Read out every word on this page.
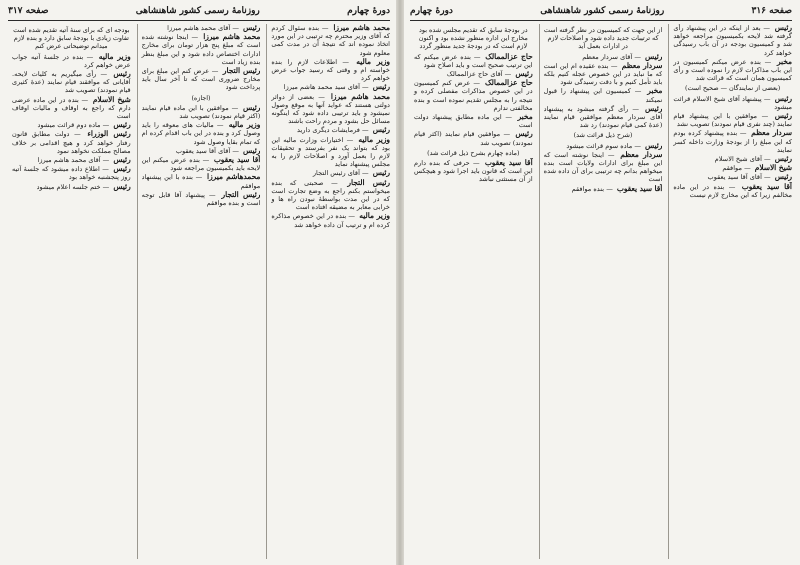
دورهٔ چهارم
روزنامهٔ رسمی کشور شاهنشاهی
صفحه ۳۱۷
محمد هاشم میرزا — بنده سئوال کردم که آقای وزیر محترم چه ترتیبی در این مورد اتخاذ نموده اند که نتیجهٔ آن در مدت کمی معلوم شود
وزیر مالیه — اطلاعات لازم را بنده خواسته ام و وقتی که رسید جواب عرض خواهم کرد
رئیس — آقای سید محمد هاشم میرزا
محمد هاشم میرزا — بعضی از دوائر دولتی هستند که عواید آنها به موقع وصول نمیشود و باید ترتیبی داده شود که اینگونه مسائل حل بشود و مردم راحت باشند
رئیس — فرمایشات دیگری دارید
وزیر مالیه — اختیارات وزارت مالیه این بود که بتواند یک نفر بفرستد و تحقیقات لازم را بعمل آورد و اصلاحات لازم را به مجلس پیشنهاد نماید
رئیس — آقای رئیس التجار
رئیس التجار — صحبتی که بنده میخواستم بکنم راجع به وضع تجارت است که در این مدت بواسطهٔ نبودن راه ها و خرابی معابر به مضیقه افتاده است
وزیر مالیه — بنده در این خصوص مذاکره کرده ام و ترتیب آن داده خواهد شد
رئیس — آقای محمد هاشم میرزا
محمد هاشم میرزا — اینجا نوشته شده است که مبلغ پنج هزار تومان برای مخارج ادارات اختصاص داده شود و این مبلغ بنظر بنده زیاد است
رئیس التجار — عرض کنم این مبلغ برای مخارج ضروری است که تا آخر سال باید پرداخت شود
(اجازه)
رئیس — موافقین با این ماده قیام نمایند (اکثر قیام نمودند) تصویب شد
وزیر مالیه — مالیات های معوقه را باید وصول کرد و بنده در این باب اقدام کرده ام که تمام بقایا وصول شود
رئیس — آقای آقا سید یعقوب
آقا سید یعقوب — بنده عرض میکنم این لایحه باید بکمیسیون مراجعه شود
محمدهاشم میرزا — بنده با این پیشنهاد موافقم
رئیس التجار — پیشنهاد آقا قابل توجه است و بنده موافقم
بودجه ای که برای سنهٔ آتیه تقدیم شده است تفاوت زیادی با بودجهٔ سابق دارد و بنده لازم میدانم توضیحاتی عرض کنم
وزیر مالیه — بنده در جلسهٔ آتیه جواب عرض خواهم کرد
رئیس — رأی میگیریم به کلیات لایحه. آقایانی که موافقند قیام نمایند (عدهٔ کثیری قیام نمودند) تصویب شد
شیخ الاسلام — بنده در این ماده عرضی دارم که راجع به اوقاف و مالیات اوقاف است
رئیس — ماده دوم قرائت میشود
رئیس الوزراء — دولت مطابق قانون رفتار خواهد کرد و هیچ اقدامی بر خلاف مصالح مملکت نخواهد نمود
رئیس — آقای محمد هاشم میرزا
رئیس — اطلاع داده میشود که جلسهٔ آتیه روز پنجشنبه خواهد بود
رئیس — ختم جلسه اعلام میشود
صفحه ۳۱۶
روزنامهٔ رسمی کشور شاهنشاهی
دورهٔ چهارم
رئیس — بعد از اینکه در این پیشنهاد رأی گرفته شد لایحه بکمیسیون مراجعه خواهد شد و کمیسیون بودجه در آن باب رسیدگی خواهد کرد
مخبر — بنده عرض میکنم کمیسیون در این باب مذاکرات لازم را نموده است و رأی کمیسیون همان است که قرائت شد
(بعضی از نمایندگان — صحیح است)
رئیس — پیشنهاد آقای شیخ الاسلام قرائت میشود
رئیس — موافقین با این پیشنهاد قیام نمایند (چند نفری قیام نمودند) تصویب نشد
سردار معظم — بنده پیشنهاد کرده بودم که این مبلغ را از بودجهٔ وزارت داخله کسر نمایند
رئیس — آقای شیخ الاسلام
شیخ الاسلام — موافقم
رئیس — آقای آقا سید یعقوب
آقا سید یعقوب — بنده در این ماده مخالفم زیرا که این مخارج لازم نیست
از این جهت که کمیسیون در نظر گرفته است که ترتیبات جدید داده شود و اصلاحات لازم در ادارات بعمل آید
رئیس — آقای سردار معظم
سردار معظم — بنده عقیده ام این است که ما نباید در این خصوص عجله کنیم بلکه باید تأمل کنیم و با دقت رسیدگی شود
مخبر — کمیسیون این پیشنهاد را قبول نمیکند
رئیس — رأی گرفته میشود به پیشنهاد آقای سردار معظم موافقین قیام نمایند (عدهٔ کمی قیام نمودند) رد شد
(شرح ذیل قرائت شد)
رئیس — ماده سوم قرائت میشود
سردار معظم — اینجا نوشته است که این مبلغ برای ادارات ولایات است بنده میخواهم بدانم چه ترتیبی برای آن داده شده است
آقا سید یعقوب — بنده موافقم
در بودجهٔ سابق که تقدیم مجلس شده بود مخارج این اداره منظور نشده بود و اکنون لازم است که در بودجهٔ جدید منظور گردد
حاج عزالممالک — بنده عرض میکنم که این ترتیب صحیح است و باید اصلاح شود
رئیس — آقای حاج عزالممالک
حاج عزالممالک — عرض کنم کمیسیون در این خصوص مذاکرات مفصلی کرده و نتیجه را به مجلس تقدیم نموده است و بنده مخالفتی ندارم
مخبر — این ماده مطابق پیشنهاد دولت است
رئیس — موافقین قیام نمایند (اکثر قیام نمودند) تصویب شد
(ماده چهارم بشرح ذیل قرائت شد)
آقا سید یعقوب — حرفی که بنده دارم این است که قانون باید اجرا شود و هیچکس از آن مستثنی نباشد
